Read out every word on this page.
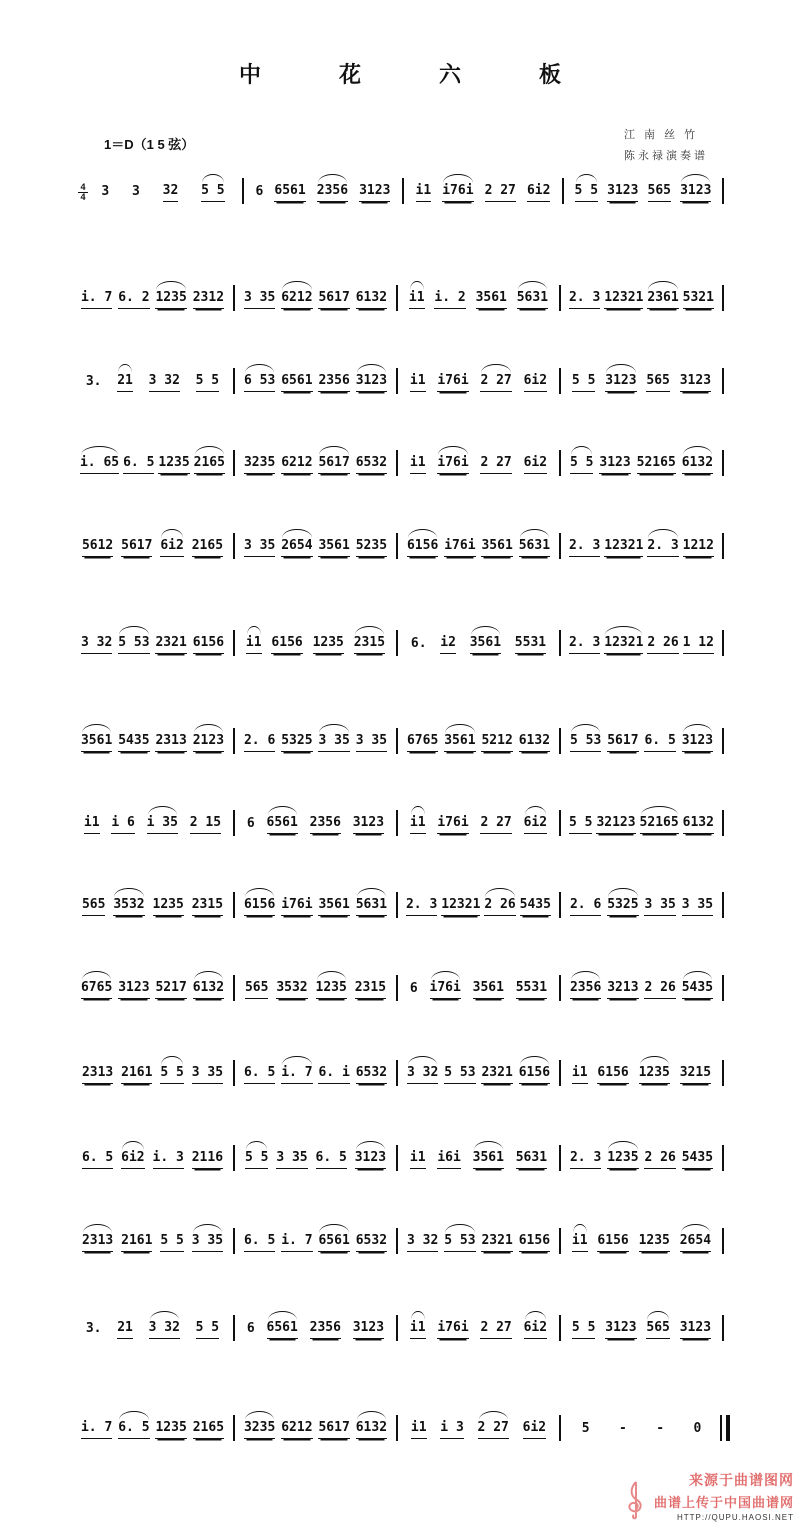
中　花　六　板
1＝D（1 5 弦）
江 南 丝 竹
陈永禄演奏谱
4
4 3 3 32 5 5 6 6561 2356 3123 i1 i76i 2 27 6i2 5 5 3123 565 3123
i. 7 6. 2 1235 2312 3 35 6212 5617 6132 i1 i. 2 3561 5631 2. 3 12321 2361 5321
3. 21 3 32 5 5 6 53 6561 2356 3123 i1 i76i 2 27 6i2 5 5 3123 565 3123
i. 65 6. 5 1235 2165 3235 6212 5617 6532 i1 i76i 2 27 6i2 5 5 3123 52165 6132
5612 5617 6i2 2165 3 35 2654 3561 5235 6156 i76i 3561 5631 2. 3 12321 2. 3 1212
3 32 5 53 2321 6156 i1 6156 1235 2315 6. i2 3561 5531 2. 3 12321 2 26 1 12
3561 5435 2313 2123 2. 6 5325 3 35 3 35 6765 3561 5212 6132 5 53 5617 6. 5 3123
i1 i 6 i 35 2 15 6 6561 2356 3123 i1 i76i 2 27 6i2 5 5 32123 52165 6132
565 3532 1235 2315 6156 i76i 3561 5631 2. 3 12321 2 26 5435 2. 6 5325 3 35 3 35
6765 3123 5217 6132 565 3532 1235 2315 6 i76i 3561 5531 2356 3213 2 26 5435
2313 2161 5 5 3 35 6. 5 i. 7 6. i 6532 3 32 5 53 2321 6156 i1 6156 1235 3215
6. 5 6i2 i. 3 2116 5 5 3 35 6. 5 3123 i1 i6i 3561 5631 2. 3 1235 2 26 5435
2313 2161 5 5 3 35 6. 5 i. 7 6561 6532 3 32 5 53 2321 6156 i1 6156 1235 2654
3. 21 3 32 5 5 6 6561 2356 3123 i1 i76i 2 27 6i2 5 5 3123 565 3123
i. 7 6. 5 1235 2165 3235 6212 5617 6132 i1 i 3 2 27 6i2	5 - - 0
来源于曲谱图网
曲谱上传于中国曲谱网
HTTP://QUPU.HAOSI.NET
